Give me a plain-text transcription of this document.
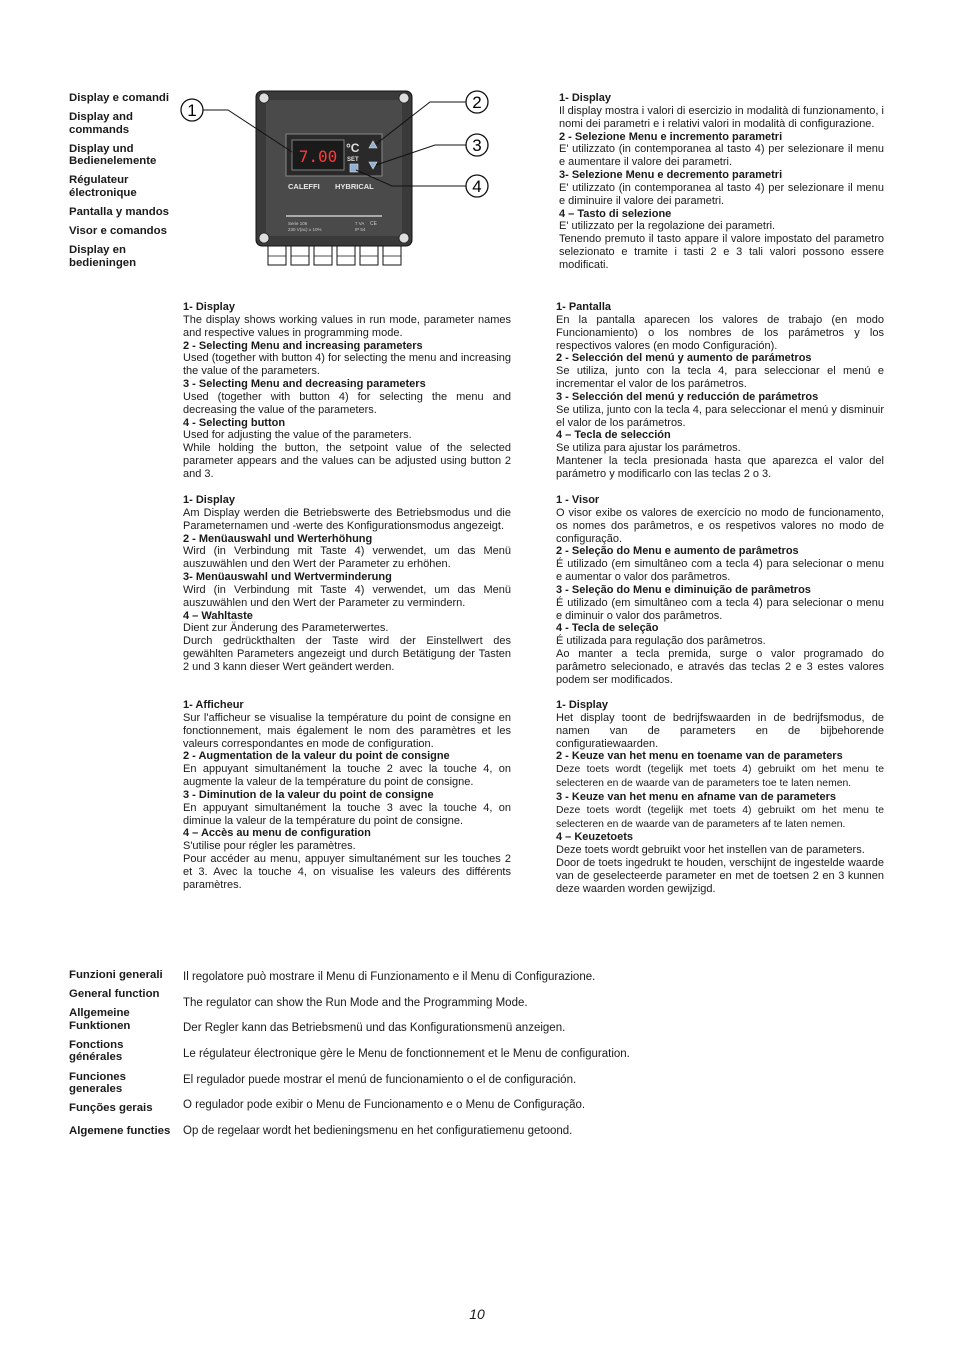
Display e comandi
Display and commands
Display und Bedienelemente
Régulateur électronique
Pantalla y mandos
Visor e comandos
Display en bedieningen
1	2
3
4
7.00 °C
SET
CALEFFI HYBRICAL
Serie 106
230 V(ac) ± 10%
7 VA
IP 54
CE

1- Display
Il display mostra i valori di esercizio in modalità di funzionamento, i nomi dei parametri e i relativi valori in modalità di configurazione.

2 - Selezione Menu e incremento parametri
E' utilizzato (in contemporanea al tasto 4) per selezionare il menu e aumentare il valore dei parametri.

3- Selezione Menu e decremento parametri
E' utilizzato (in contemporanea al tasto 4) per selezionare il menu e diminuire il valore dei parametri.

4 – Tasto di selezione
E' utilizzato per la regolazione dei parametri.

Tenendo premuto il tasto appare il valore impostato del parametro selezionato e tramite i tasti 2 e 3 tali valori possono essere modificati.

1- Display
The display shows working values in run mode, parameter names and respective values in programming mode.

2 - Selecting Menu and increasing parameters
Used (together with button 4) for selecting the menu and increasing the value of the parameters.

3 - Selecting Menu and decreasing parameters
Used (together with button 4) for selecting the menu and decreasing the value of the parameters.

4 - Selecting button
Used for adjusting the value of the parameters.

While holding the button, the setpoint value of the selected parameter appears and the values can be adjusted using button 2 and 3.

1- Pantalla
En la pantalla aparecen los valores de trabajo (en modo Funcionamiento) o los nombres de los parámetros y los respectivos valores (en modo Configuración).

2 - Selección del menú y aumento de parámetros
Se utiliza, junto con la tecla 4, para seleccionar el menú e incrementar el valor de los parámetros.

3 - Selección del menú y reducción de parámetros
Se utiliza, junto con la tecla 4, para seleccionar el menú y disminuir el valor de los parámetros.

4 – Tecla de selección
Se utiliza para ajustar los parámetros.

Mantener la tecla presionada hasta que aparezca el valor del parámetro y modificarlo con las teclas 2 o 3.

1- Display
Am Display werden die Betriebswerte des Betriebsmodus und die Parameternamen und -werte des Konfigurationsmodus angezeigt.

2 - Menüauswahl und Werterhöhung
Wird (in Verbindung mit Taste 4) verwendet, um das Menü auszuwählen und den Wert der Parameter zu erhöhen.

3- Menüauswahl und Wertverminderung
Wird (in Verbindung mit Taste 4) verwendet, um das Menü auszuwählen und den Wert der Parameter zu vermindern.

4 – Wahltaste
Dient zur Änderung des Parameterwertes.

Durch gedrückthalten der Taste wird der Einstellwert des gewählten Parameters angezeigt und durch Betätigung der Tasten 2 und 3 kann dieser Wert geändert werden.

1 - Visor
O visor exibe os valores de exercício no modo de funcionamento, os nomes dos parâmetros, e os respetivos valores no modo de configuração.

2 - Seleção do Menu e aumento de parâmetros
É utilizado (em simultâneo com a tecla 4) para selecionar o menu e aumentar o valor dos parâmetros.

3 - Seleção do Menu e diminuição de parâmetros
É utilizado (em simultâneo com a tecla 4) para selecionar o menu e diminuir o valor dos parâmetros.

4 - Tecla de seleção
É utilizada para regulação dos parâmetros.

Ao manter a tecla premida, surge o valor programado do parâmetro selecionado, e através das teclas 2 e 3 estes valores podem ser modificados.

1- Afficheur
Sur l'afficheur se visualise la température du point de consigne en fonctionnement, mais également le nom des paramètres et les valeurs correspondantes en mode de configuration.

2 - Augmentation de la valeur du point de consigne
En appuyant simultanément la touche 2 avec la touche 4, on augmente la valeur de la température du point de consigne.

3 - Diminution de la valeur du point de consigne
En appuyant simultanément la touche 3 avec la touche 4, on diminue la valeur de la température du point de consigne.

4 – Accès au menu de configuration
S'utilise pour régler les paramètres.

Pour accéder au menu, appuyer simultanément sur les touches 2 et 3. Avec la touche 4, on visualise les valeurs des différents paramètres.

1- Display
Het display toont de bedrijfswaarden in de bedrijfsmodus, de namen van de parameters en de bijbehorende configuratiewaarden.

2 - Keuze van het menu en toename van de parameters
Deze toets wordt (tegelijk met toets 4) gebruikt om het menu te selecteren en de waarde van de parameters toe te laten nemen.

3 - Keuze van het menu en afname van de parameters
Deze toets wordt (tegelijk met toets 4) gebruikt om het menu te selecteren en de waarde van de parameters af te laten nemen.

4 – Keuzetoets
Deze toets wordt gebruikt voor het instellen van de parameters.

Door de toets ingedrukt te houden, verschijnt de ingestelde waarde van de geselecteerde parameter en met de toetsen 2 en 3 kunnen deze waarden worden gewijzigd.

Funzioni generali
General function
Allgemeine Funktionen
Fonctions générales
Funciones generales
Funções gerais
Algemene functies

Il regolatore può mostrare il Menu di Funzionamento e il Menu di Configurazione.

The regulator can show the Run Mode and the Programming Mode.

Der Regler kann das Betriebsmenü und das Konfigurationsmenü anzeigen.

Le régulateur électronique gère le Menu de fonctionnement et le Menu de configuration.

El regulador puede mostrar el menú de funcionamiento o el de configuración.

O regulador pode exibir o Menu de Funcionamento e o Menu de Configuração.

Op de regelaar wordt het bedieningsmenu en het configuratiemenu getoond.

10
